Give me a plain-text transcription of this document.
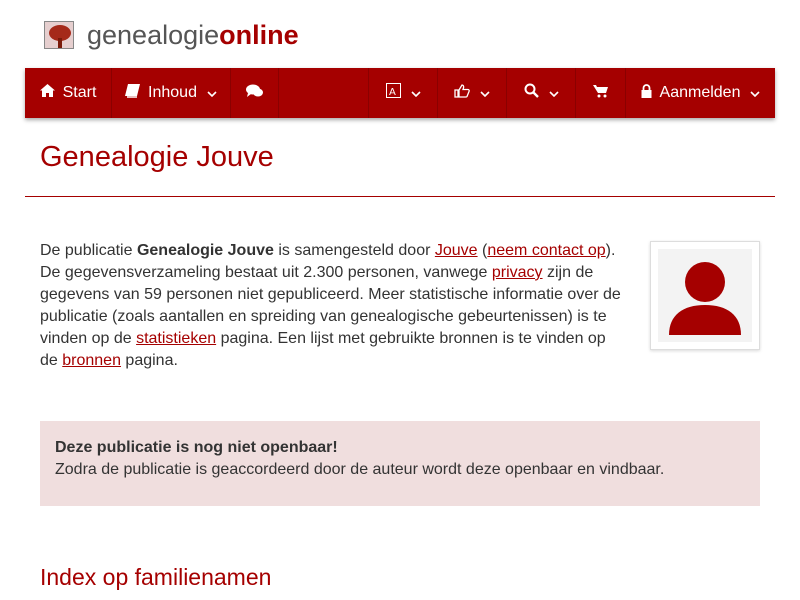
genealogieonline
Start	Inhoud	A	Aanmelden
Genealogie Jouve

De publicatie Genealogie Jouve is samengesteld door Jouve (neem contact op). De gegevensverzameling bestaat uit 2.300 personen, vanwege privacy zijn de gegevens van 59 personen niet gepubliceerd. Meer statistische informatie over de publicatie (zoals aantallen en spreiding van genealogische gebeurtenissen) is te vinden op de statistieken pagina. Een lijst met gebruikte bronnen is te vinden op de bronnen pagina.

Deze publicatie is nog niet openbaar!
Zodra de publicatie is geaccordeerd door de auteur wordt deze openbaar en vindbaar.
Index op familienamen
